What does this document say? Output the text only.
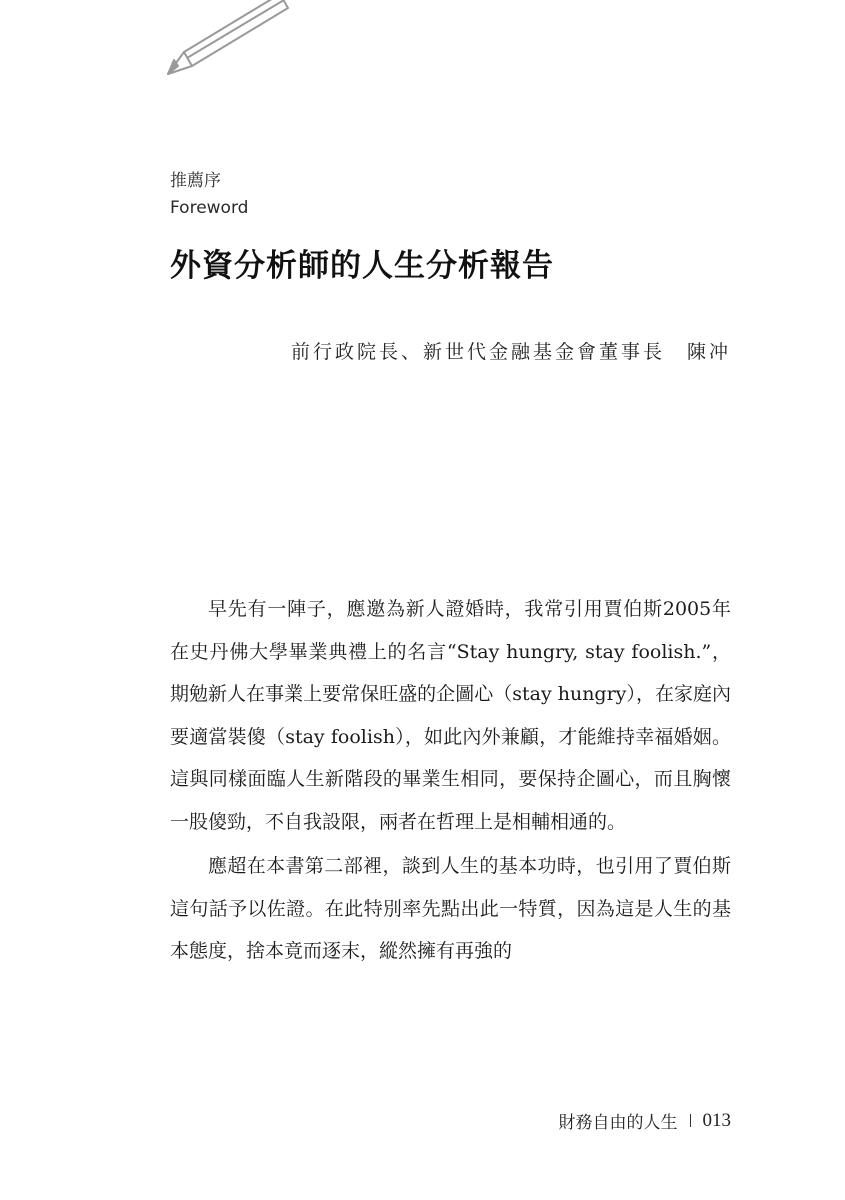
推薦序
Foreword
外資分析師的人生分析報告
前行政院長、新世代金融基金會董事長 陳冲

早先有一陣子，應邀為新人證婚時，我常引用賈伯斯2005年在史丹佛大學畢業典禮上的名言“Stay hungry, stay foolish.”，期勉新人在事業上要常保旺盛的企圖心（stay hungry），在家庭內要適當裝傻（stay foolish），如此內外兼顧，才能維持幸福婚姻。這與同樣面臨人生新階段的畢業生相同，要保持企圖心，而且胸懷一股傻勁，不自我設限，兩者在哲理上是相輔相通的。

應超在本書第二部裡，談到人生的基本功時，也引用了賈伯斯這句話予以佐證。在此特別率先點出此一特質，因為這是人生的基本態度，捨本竟而逐末，縱然擁有再強的

財務自由的人生 013
